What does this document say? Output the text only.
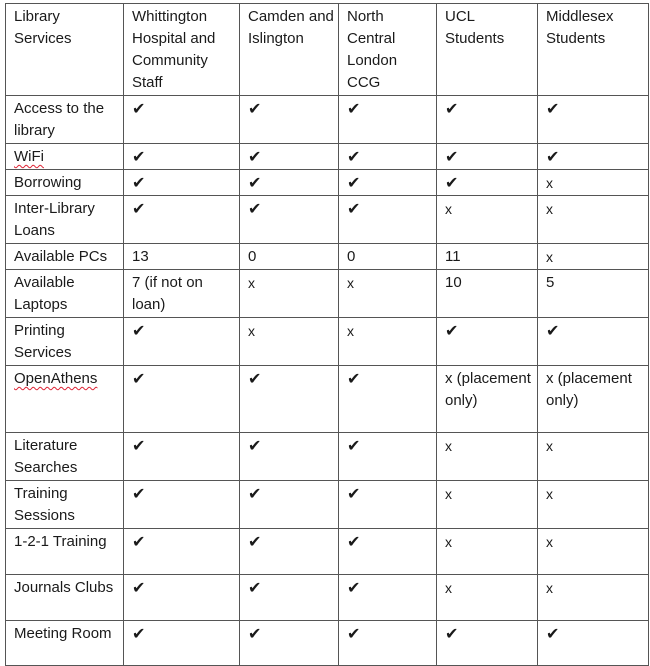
Library Services	Whittington Hospital and Community Staff	Camden and Islington	North Central London CCG	UCL Students	Middlesex Students
Access to the library	✔	✔	✔	✔	✔
WiFi	✔	✔	✔	✔	✔
Borrowing	✔	✔	✔	✔	x
Inter-Library Loans	✔	✔	✔	x	x
Available PCs	13	0	0	11	x
Available Laptops	7 (if not on loan)	x	x	10	5
Printing Services	✔	x	x	✔	✔
OpenAthens	✔	✔	✔	x (placement only)	x (placement only)
Literature Searches	✔	✔	✔	x	x
Training Sessions	✔	✔	✔	x	x
1-2-1 Training	✔	✔	✔	x	x
Journals Clubs	✔	✔	✔	x	x
Meeting Room	✔	✔	✔	✔	✔
